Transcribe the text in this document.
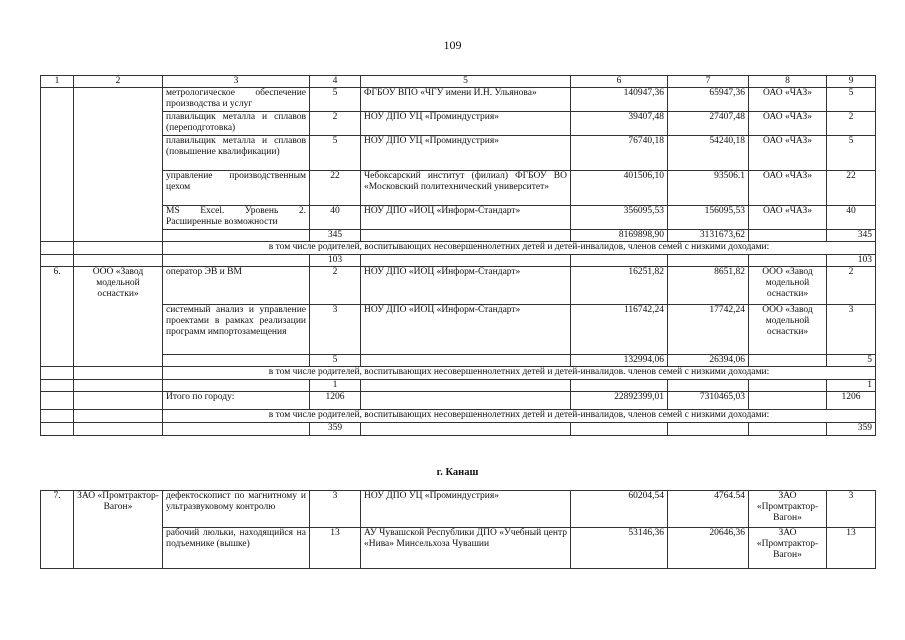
109
1	2	3	4	5	6	7	8	9
		метрологическое обеспечение производства и услуг	5	ФГБОУ ВПО «ЧГУ имени И.Н. Ульянова»	140947,36	65947,36	ОАО «ЧАЗ»	5
		плавильщик металла и сплавов (переподготовка)	2	НОУ ДПО УЦ «Проминдустрия»	39407,48	27407,48	ОАО «ЧАЗ»	2
		плавильщик металла и сплавов (повышение квалификации)	5	НОУ ДПО УЦ «Проминдустрия»	76740,18	54240,18	ОАО «ЧАЗ»	5
		управление производственным цехом	22	Чебоксарский институт (филиал) ФГБОУ ВО «Московский политехнический университет»	401506,10	93506.1	ОАО «ЧАЗ»	22
		MS Excel. Уровень 2. Расширенные возможности	40	НОУ ДПО «ИОЦ «Информ-Стандарт»	356095,53	156095,53	ОАО «ЧАЗ»	40
			345		8169898,90	3131673,62		345
		в том числе родителей, воспитывающих несовершеннолетних детей и детей-инвалидов, членов семей с низкими доходами:						
			103					103
6.	ООО «Завод модельной оснастки»	оператор ЭВ и ВМ	2	НОУ ДПО «ИОЦ «Информ-Стандарт»	16251,82	8651,82	ООО «Завод модельной оснастки»	2
		системный анализ и управление проектами в рамках реализации программ импортозамещения	3	НОУ ДПО «ИОЦ «Информ-Стандарт»	116742,24	17742,24	ООО «Завод модельной оснастки»	3
			5		132994,06	26394,06		5
		в том числе родителей, воспитывающих несовершеннолетних детей и детей-инвалидов. членов семей с низкими доходами:						
			1					1
		Итого по городу:	1206		22892399,01	7310465,03		1206
		в том числе родителей, воспитывающих несовершеннолетних детей и детей-инвалидов, членов семей с низкими доходами:						
			359					359
г. Канаш
7.	ЗАО «Промтрактор-Вагон»	дефектоскопист по магнитному и ультразвуковому контролю	3	НОУ ДПО УЦ «Проминдустрия»	60204,54	4764.54	ЗАО «Промтрактор-Вагон»	3
		рабочий люльки, находящийся на подъемнике (вышке)	13	АУ Чувашской Республики ДПО «Учебный центр «Нива» Минсельхоза Чувашии	53146,36	20646,36	ЗАО «Промтрактор-Вагон»	13
